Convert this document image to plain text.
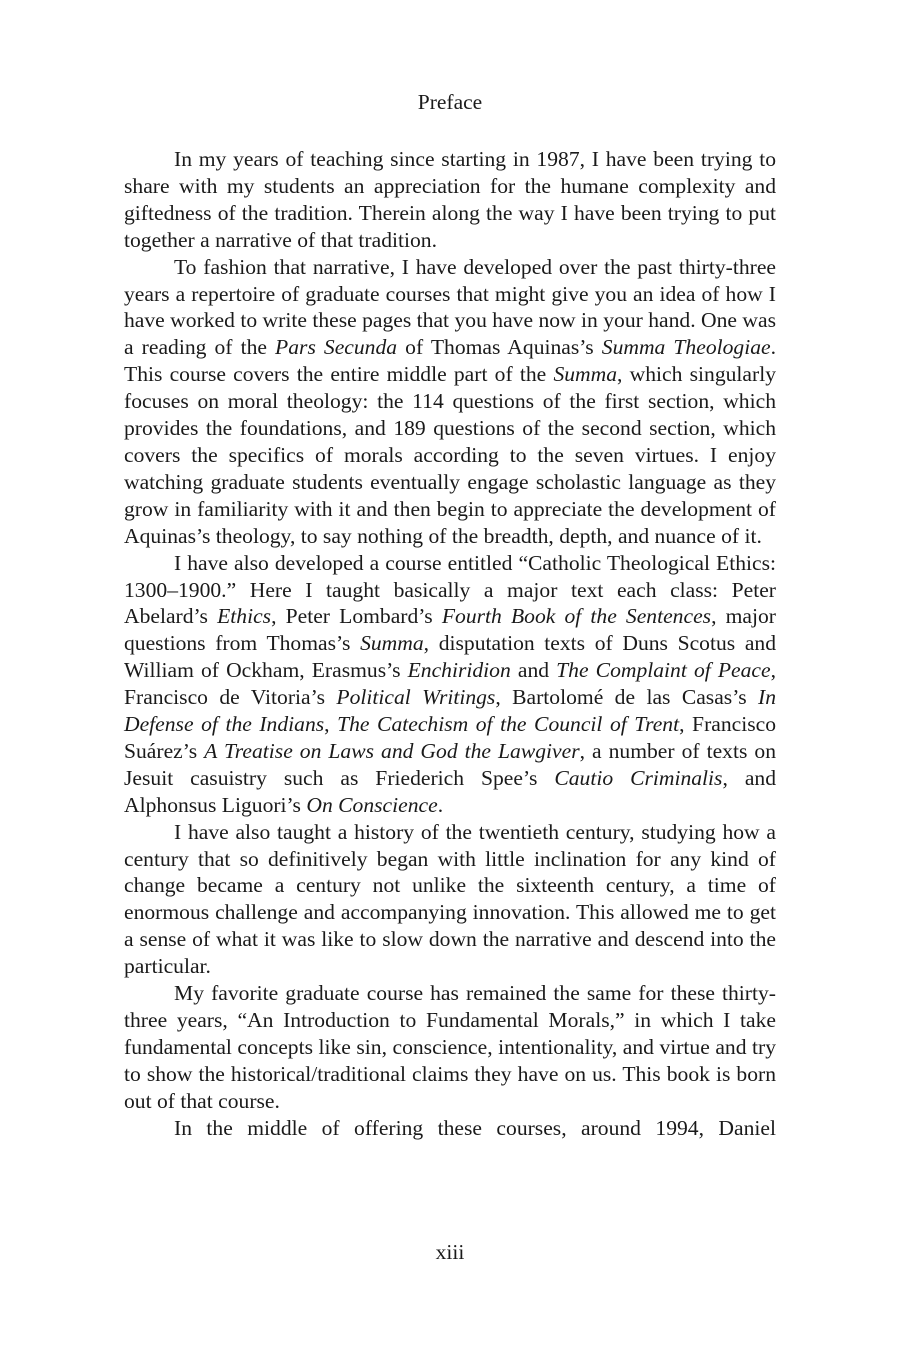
Preface

In my years of teaching since starting in 1987, I have been trying to share with my students an appreciation for the humane complexity and giftedness of the tradition. Therein along the way I have been trying to put together a narrative of that tradition.

To fashion that narrative, I have developed over the past thirty-three years a repertoire of graduate courses that might give you an idea of how I have worked to write these pages that you have now in your hand. One was a reading of the Pars Secunda of Thomas Aquinas’s Summa Theologiae. This course covers the entire middle part of the Summa, which singularly focuses on moral theology: the 114 questions of the first section, which provides the foundations, and 189 questions of the second section, which covers the specifics of morals according to the seven virtues. I enjoy watching graduate students eventually engage scholastic language as they grow in familiarity with it and then begin to appreciate the development of Aquinas’s theology, to say nothing of the breadth, depth, and nuance of it.

I have also developed a course entitled “Catholic Theological Ethics: 1300–1900.” Here I taught basically a major text each class: Peter Abelard’s Ethics, Peter Lombard’s Fourth Book of the Sentences, major questions from Thomas’s Summa, disputation texts of Duns Scotus and William of Ockham, Erasmus’s Enchiridion and The Complaint of Peace, Francisco de Vitoria’s Political Writings, Bartolomé de las Casas’s In Defense of the Indians, The Catechism of the Council of Trent, Francisco Suárez’s A Treatise on Laws and God the Lawgiver, a number of texts on Jesuit casuistry such as Friederich Spee’s Cautio Criminalis, and Alphonsus Liguori’s On Conscience.

I have also taught a history of the twentieth century, studying how a century that so definitively began with little inclination for any kind of change became a century not unlike the sixteenth century, a time of enormous challenge and accompanying innovation. This allowed me to get a sense of what it was like to slow down the narrative and descend into the particular.

My favorite graduate course has remained the same for these thirty-three years, “An Introduction to Fundamental Morals,” in which I take fundamental concepts like sin, conscience, intentionality, and virtue and try to show the historical/traditional claims they have on us. This book is born out of that course.

In the middle of offering these courses, around 1994, Daniel

xiii
